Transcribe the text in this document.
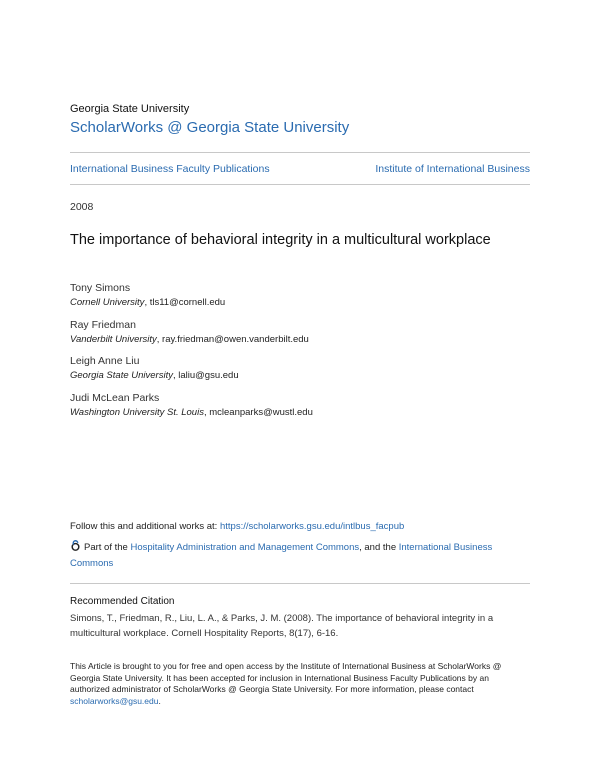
Georgia State University
ScholarWorks @ Georgia State University
International Business Faculty Publications	Institute of International Business
2008
The importance of behavioral integrity in a multicultural workplace
Tony Simons
Cornell University, tls11@cornell.edu
Ray Friedman
Vanderbilt University, ray.friedman@owen.vanderbilt.edu
Leigh Anne Liu
Georgia State University, laliu@gsu.edu
Judi McLean Parks
Washington University St. Louis, mcleanparks@wustl.edu
Follow this and additional works at: https://scholarworks.gsu.edu/intlbus_facpub
Part of the Hospitality Administration and Management Commons, and the International Business Commons
Recommended Citation
Simons, T., Friedman, R., Liu, L. A., & Parks, J. M. (2008). The importance of behavioral integrity in a multicultural workplace. Cornell Hospitality Reports, 8(17), 6-16.
This Article is brought to you for free and open access by the Institute of International Business at ScholarWorks @ Georgia State University. It has been accepted for inclusion in International Business Faculty Publications by an authorized administrator of ScholarWorks @ Georgia State University. For more information, please contact scholarworks@gsu.edu.
